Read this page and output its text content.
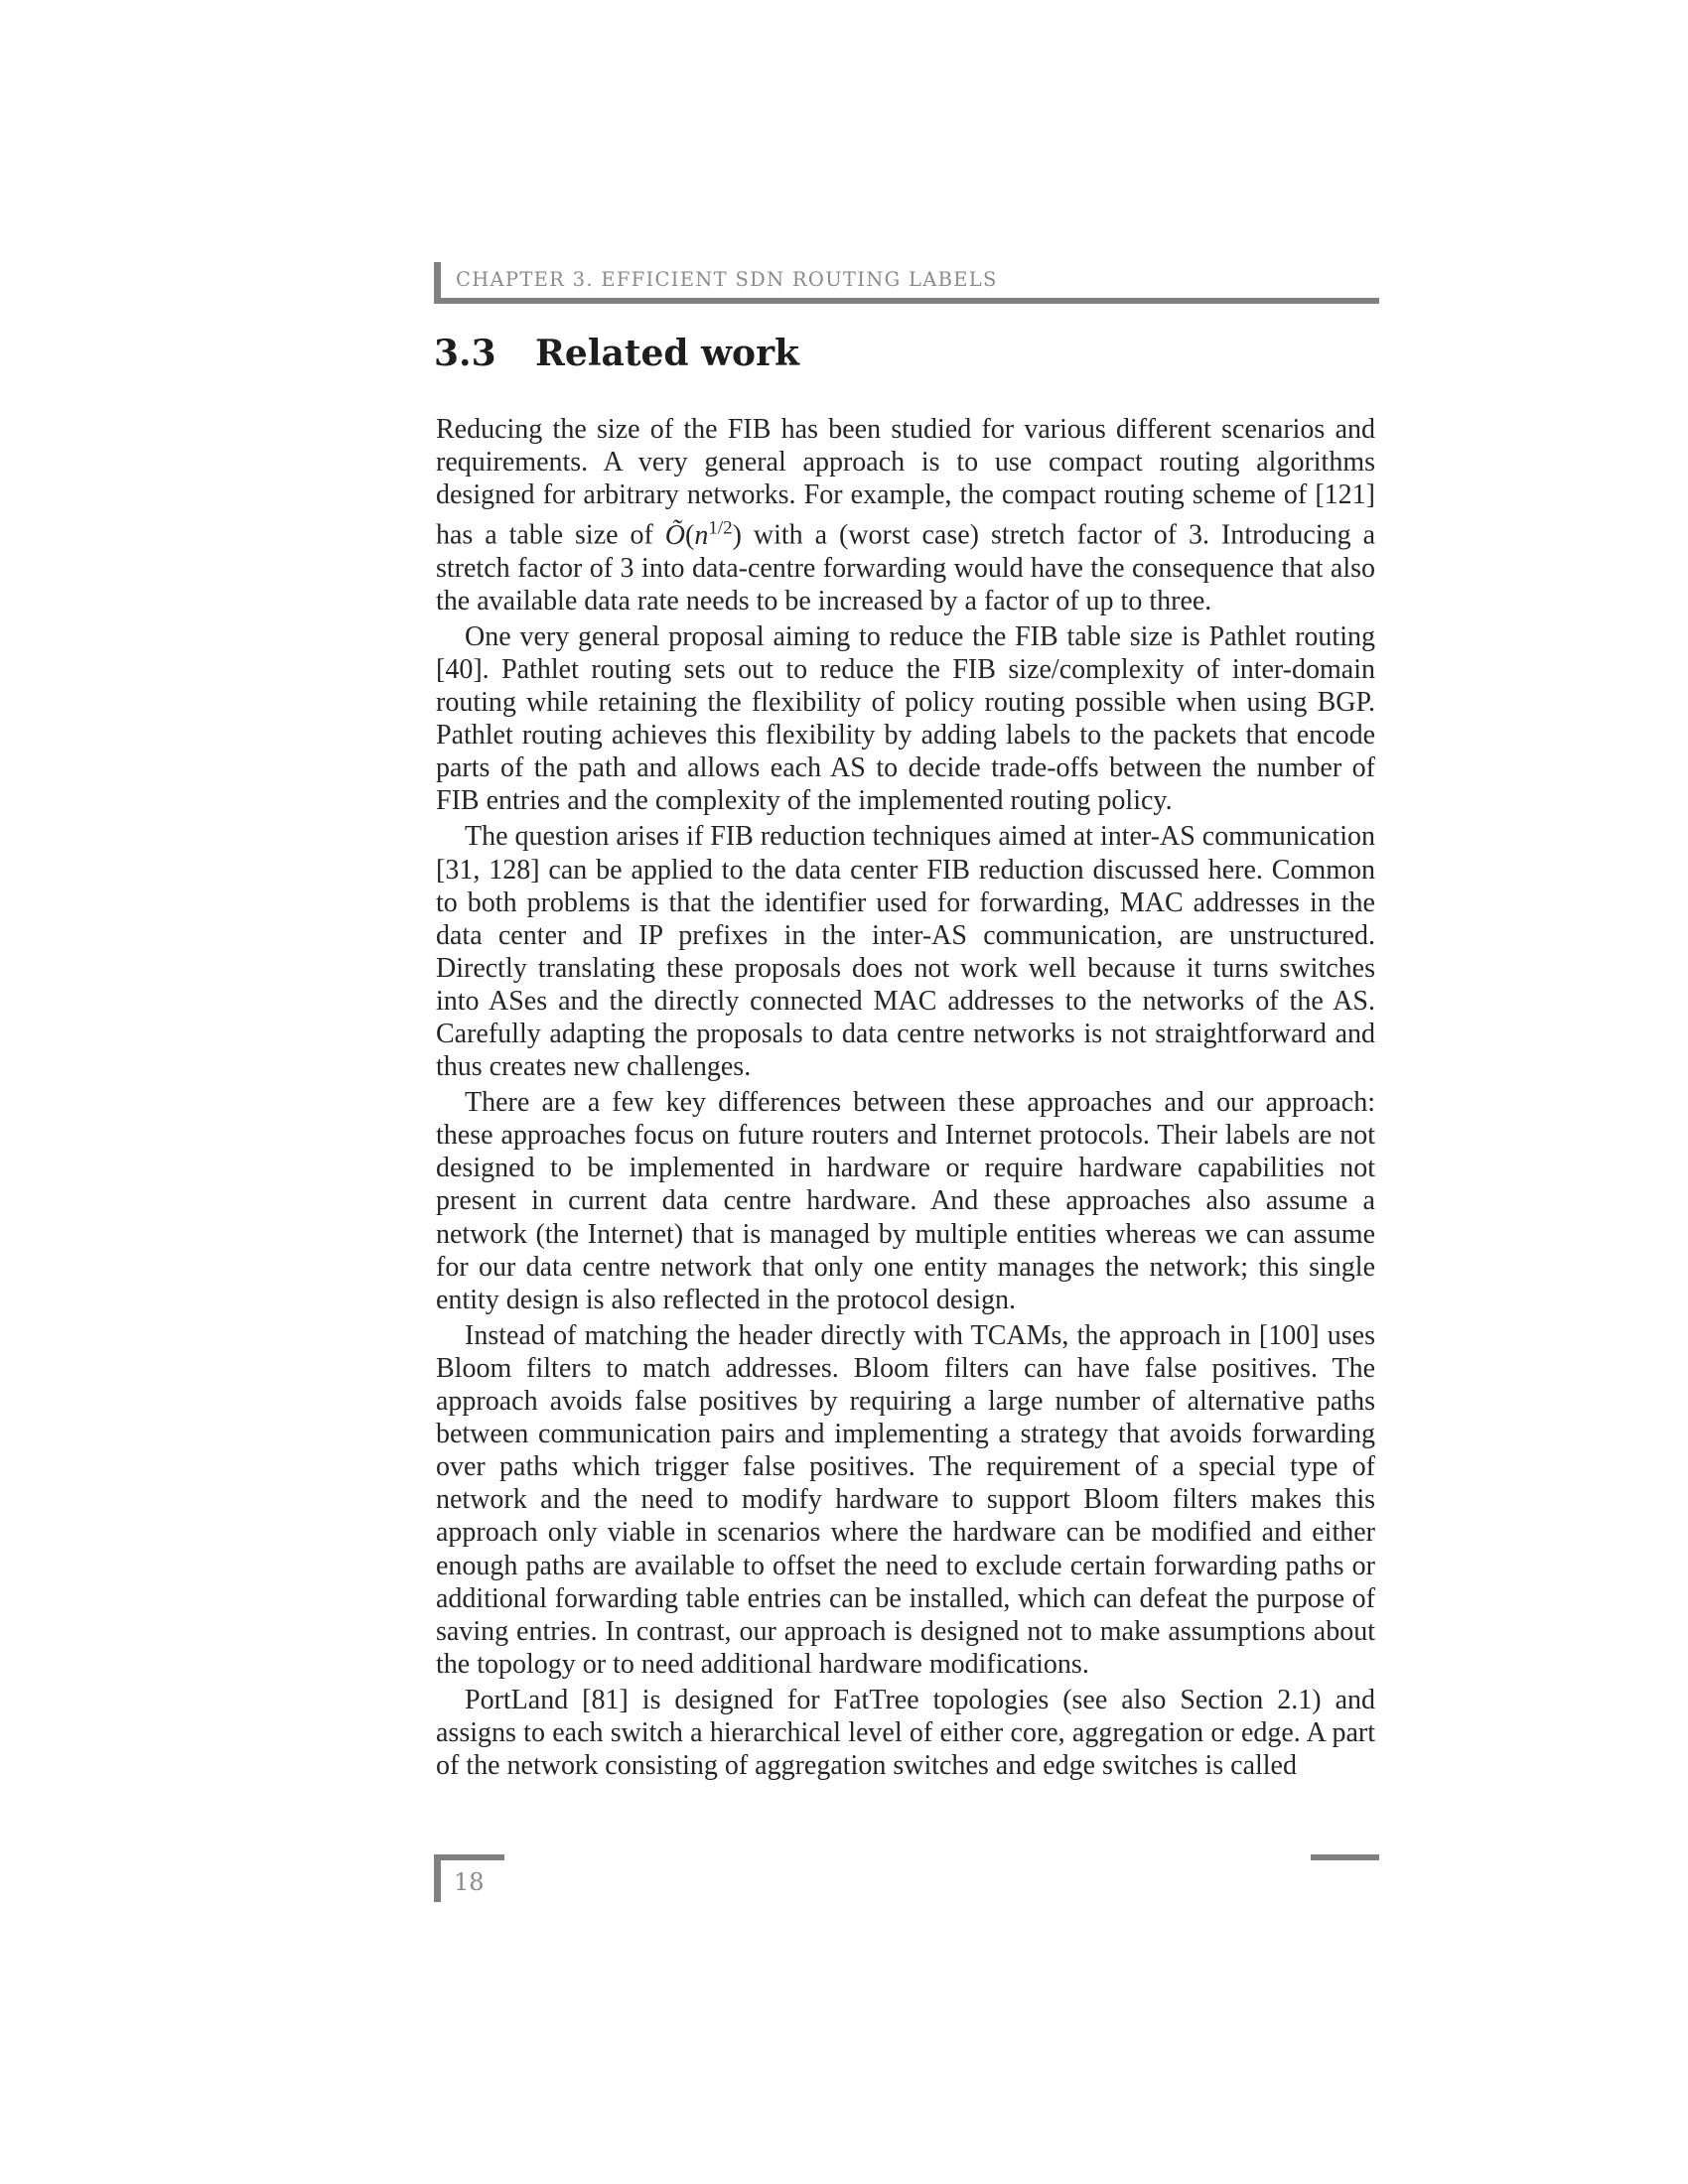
CHAPTER 3. EFFICIENT SDN ROUTING LABELS
3.3 Related work

Reducing the size of the FIB has been studied for various different scenarios and requirements. A very general approach is to use compact routing algorithms designed for arbitrary networks. For example, the compact routing scheme of [121] has a table size of $Õ(n^{1/2})$ with a (worst case) stretch factor of 3. Introducing a stretch factor of 3 into data-centre forwarding would have the consequence that also the available data rate needs to be increased by a factor of up to three.

One very general proposal aiming to reduce the FIB table size is Pathlet routing [40]. Pathlet routing sets out to reduce the FIB size/complexity of inter-domain routing while retaining the flexibility of policy routing possible when using BGP. Pathlet routing achieves this flexibility by adding labels to the packets that encode parts of the path and allows each AS to decide trade-offs between the number of FIB entries and the complexity of the implemented routing policy.

The question arises if FIB reduction techniques aimed at inter-AS communication [31, 128] can be applied to the data center FIB reduction discussed here. Common to both problems is that the identifier used for forwarding, MAC addresses in the data center and IP prefixes in the inter-AS communication, are unstructured. Directly translating these proposals does not work well because it turns switches into ASes and the directly connected MAC addresses to the networks of the AS. Carefully adapting the proposals to data centre networks is not straightforward and thus creates new challenges.

There are a few key differences between these approaches and our approach: these approaches focus on future routers and Internet protocols. Their labels are not designed to be implemented in hardware or require hardware capabilities not present in current data centre hardware. And these approaches also assume a network (the Internet) that is managed by multiple entities whereas we can assume for our data centre network that only one entity manages the network; this single entity design is also reflected in the protocol design.

Instead of matching the header directly with TCAMs, the approach in [100] uses Bloom filters to match addresses. Bloom filters can have false positives. The approach avoids false positives by requiring a large number of alternative paths between communication pairs and implementing a strategy that avoids forwarding over paths which trigger false positives. The requirement of a special type of network and the need to modify hardware to support Bloom filters makes this approach only viable in scenarios where the hardware can be modified and either enough paths are available to offset the need to exclude certain forwarding paths or additional forwarding table entries can be installed, which can defeat the purpose of saving entries. In contrast, our approach is designed not to make assumptions about the topology or to need additional hardware modifications.

PortLand [81] is designed for FatTree topologies (see also Section 2.1) and assigns to each switch a hierarchical level of either core, aggregation or edge. A part of the network consisting of aggregation switches and edge switches is called

18
